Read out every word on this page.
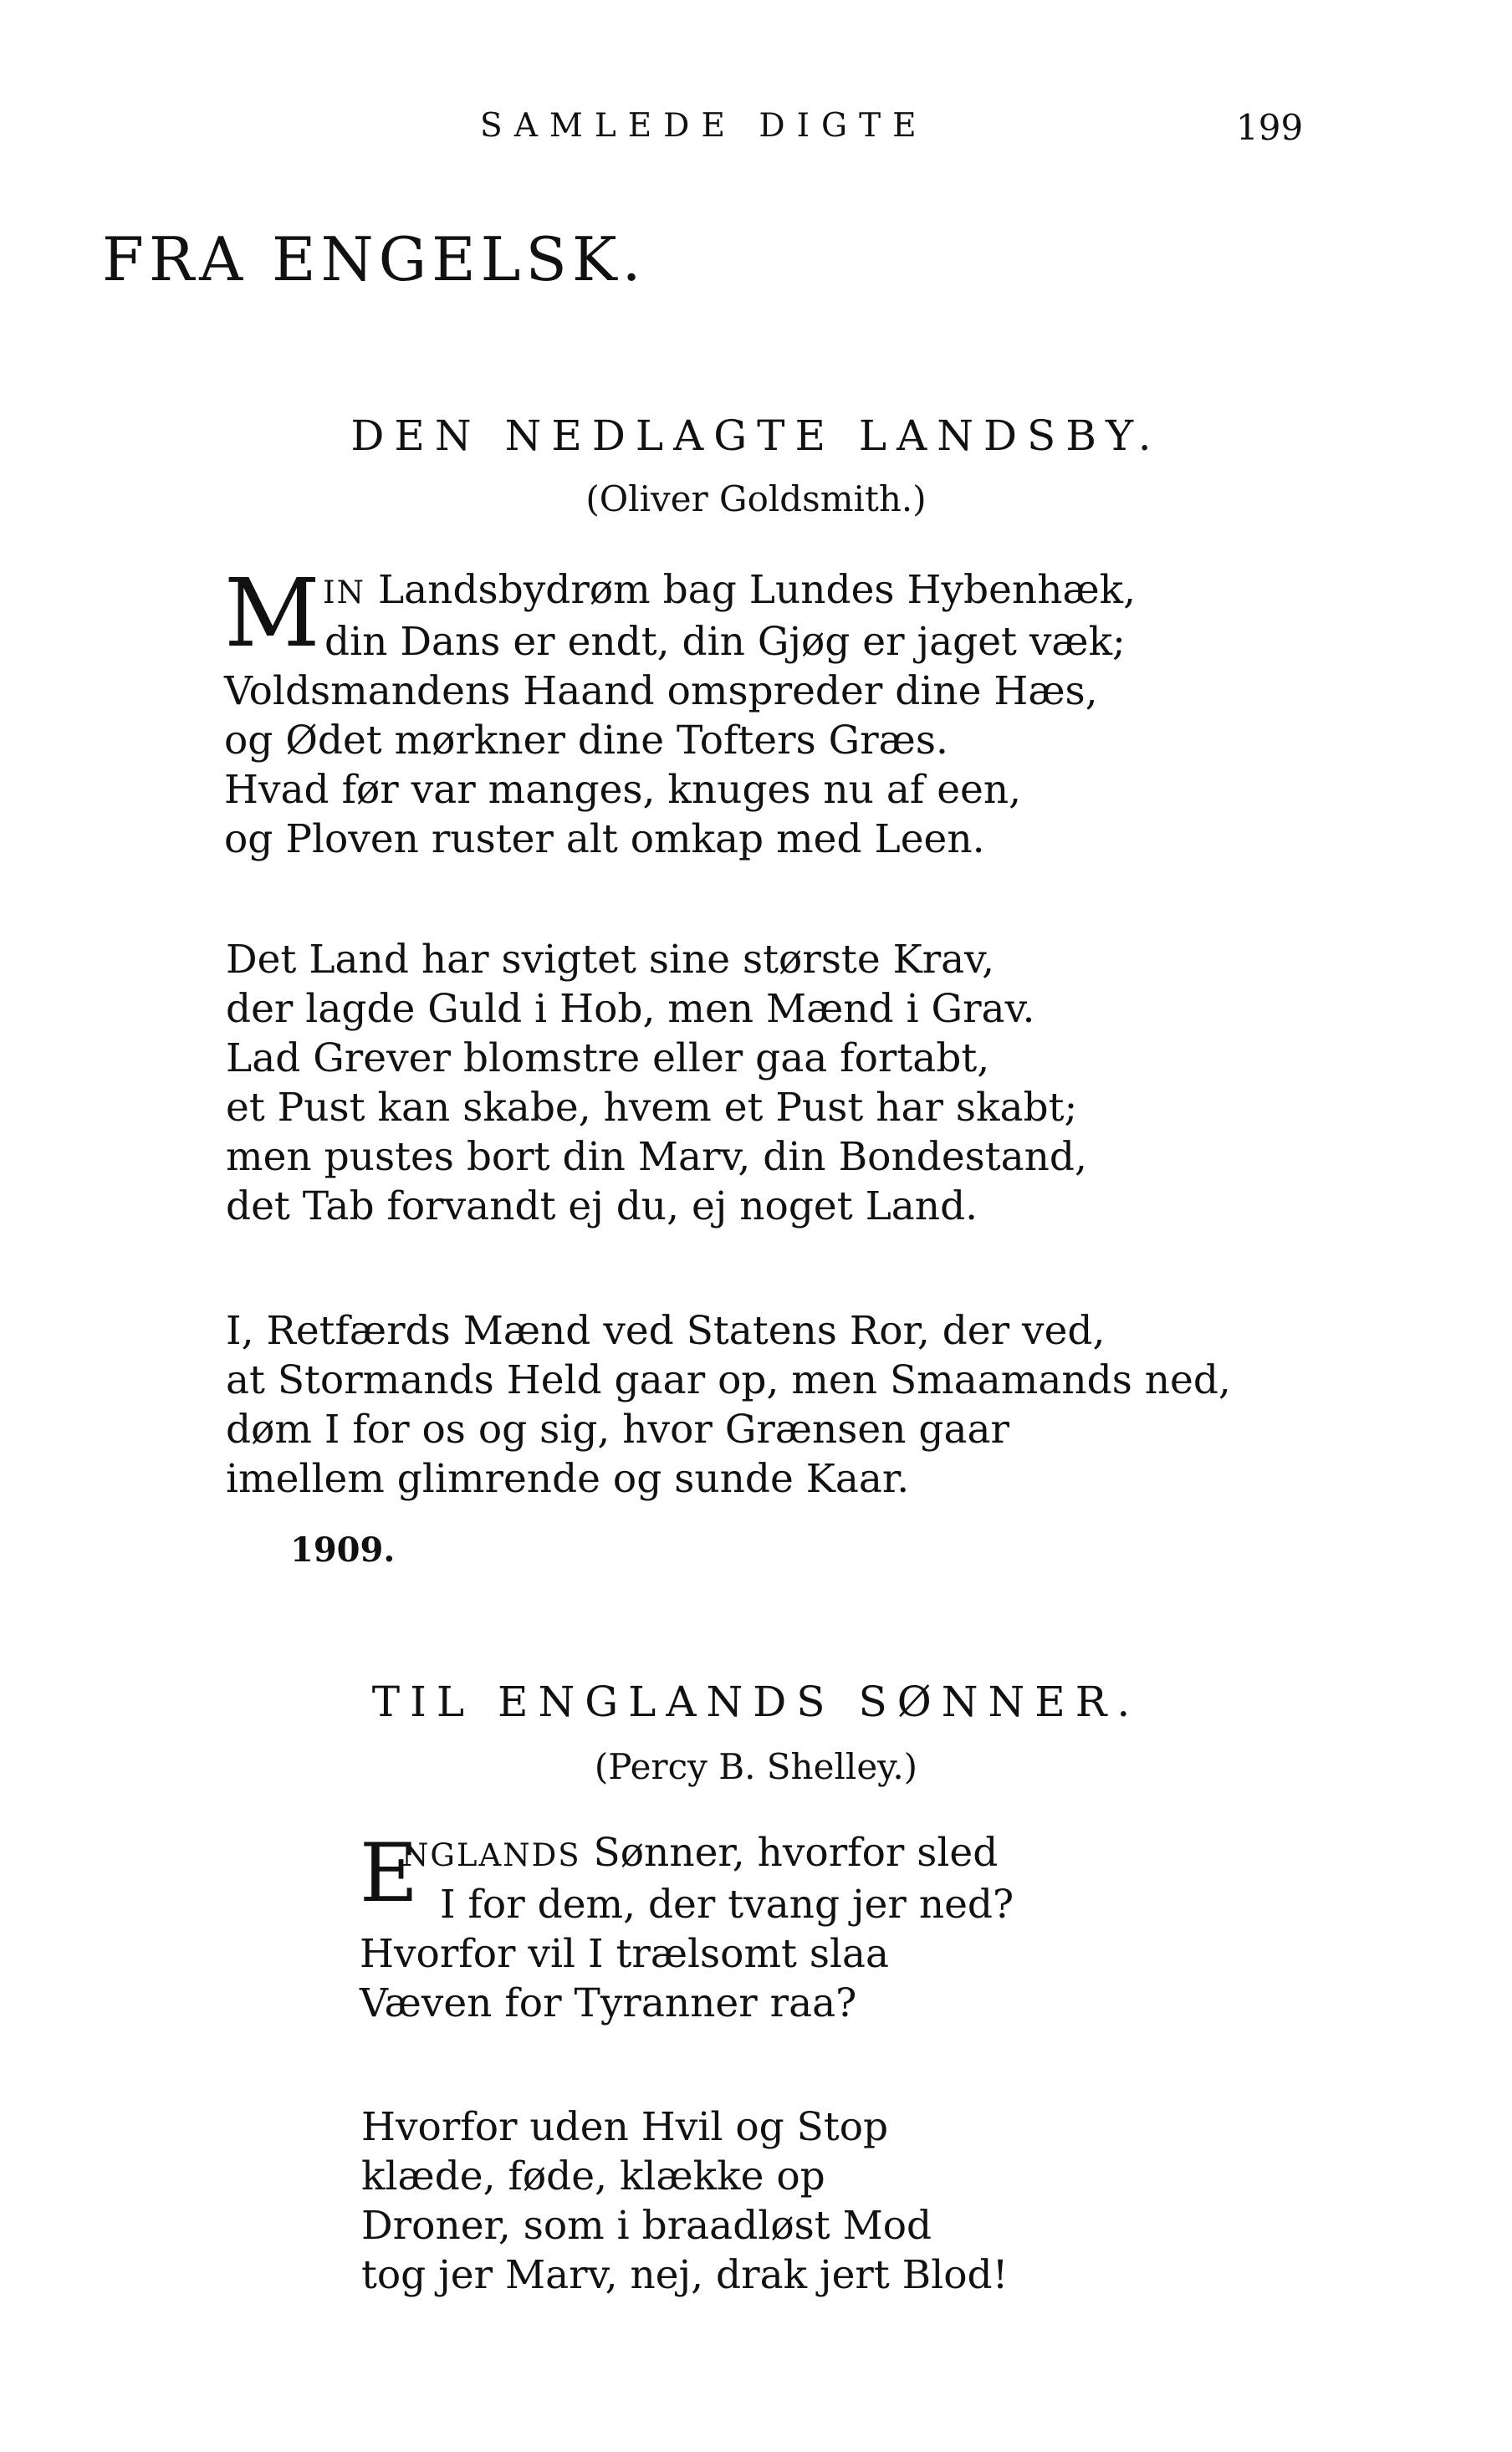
SAMLEDE DIGTE	199
FRA ENGELSK.
DEN NEDLAGTE LANDSBY.
(Oliver Goldsmith.)
M IN Landsbydrøm bag Lundes Hybenhæk,
din Dans er endt, din Gjøg er jaget væk;
Voldsmandens Haand omspreder dine Hæs,
og Ødet mørkner dine Tofters Græs.
Hvad før var manges, knuges nu af een,
og Ploven ruster alt omkap med Leen.
Det Land har svigtet sine største Krav,
der lagde Guld i Hob, men Mænd i Grav.
Lad Grever blomstre eller gaa fortabt,
et Pust kan skabe, hvem et Pust har skabt;
men pustes bort din Marv, din Bondestand,
det Tab forvandt ej du, ej noget Land.
I, Retfærds Mænd ved Statens Ror, der ved,
at Stormands Held gaar op, men Smaamands ned,
døm I for os og sig, hvor Grænsen gaar
imellem glimrende og sunde Kaar.
1909.
TIL ENGLANDS SØNNER.
(Percy B. Shelley.)
E
NGLANDS Sønner, hvorfor sled
I for dem, der tvang jer ned?
Hvorfor vil I trælsomt slaa
Væven for Tyranner raa?
Hvorfor uden Hvil og Stop
klæde, føde, klække op
Droner, som i braadløst Mod
tog jer Marv, nej, drak jert Blod!
